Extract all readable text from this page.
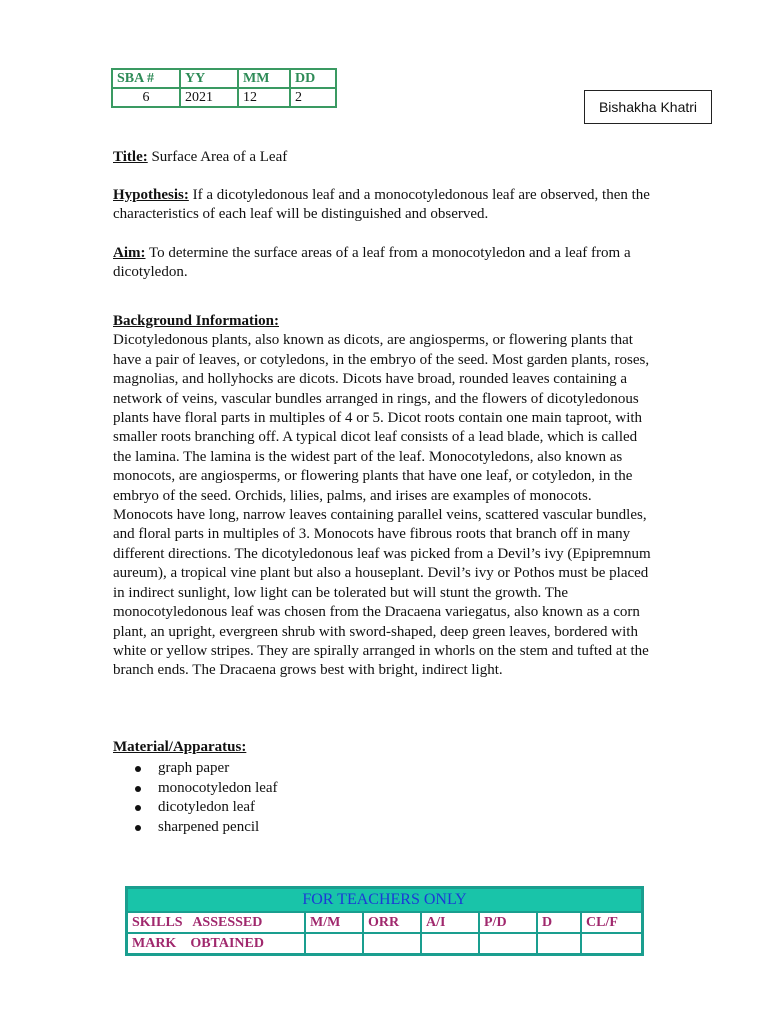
SBA #	YY	MM	DD
6	2021	12	2
Bishakha Khatri

Title: Surface Area of a Leaf

Hypothesis: If a dicotyledonous leaf and a monocotyledonous leaf are observed, then the characteristics of each leaf will be distinguished and observed.

Aim: To determine the surface areas of a leaf from a monocotyledon and a leaf from a dicotyledon.

Background Information:

Dicotyledonous plants, also known as dicots, are angiosperms, or flowering plants that have a pair of leaves, or cotyledons, in the embryo of the seed. Most garden plants, roses, magnolias, and hollyhocks are dicots. Dicots have broad, rounded leaves containing a network of veins, vascular bundles arranged in rings, and the flowers of dicotyledonous plants have floral parts in multiples of 4 or 5. Dicot roots contain one main taproot, with smaller roots branching off. A typical dicot leaf consists of a lead blade, which is called the lamina. The lamina is the widest part of the leaf. Monocotyledons, also known as monocots, are angiosperms, or flowering plants that have one leaf, or cotyledon, in the embryo of the seed. Orchids, lilies, palms, and irises are examples of monocots. Monocots have long, narrow leaves containing parallel veins, scattered vascular bundles, and floral parts in multiples of 3. Monocots have fibrous roots that branch off in many different directions. The dicotyledonous leaf was picked from a Devil’s ivy (Epipremnum aureum), a tropical vine plant but also a houseplant. Devil’s ivy or Pothos must be placed in indirect sunlight, low light can be tolerated but will stunt the growth. The monocotyledonous leaf was chosen from the Dracaena variegatus, also known as a corn plant, an upright, evergreen shrub with sword-shaped, deep green leaves, bordered with white or yellow stripes. They are spirally arranged in whorls on the stem and tufted at the branch ends. The Dracaena grows best with bright, indirect light.

Material/Apparatus:
graph paper
monocotyledon leaf
dicotyledon leaf
sharpened pencil
FOR TEACHERS ONLY						
SKILLS   ASSESSED	M/M	ORR	A/I	P/D	D	CL/F
MARK    OBTAINED						
